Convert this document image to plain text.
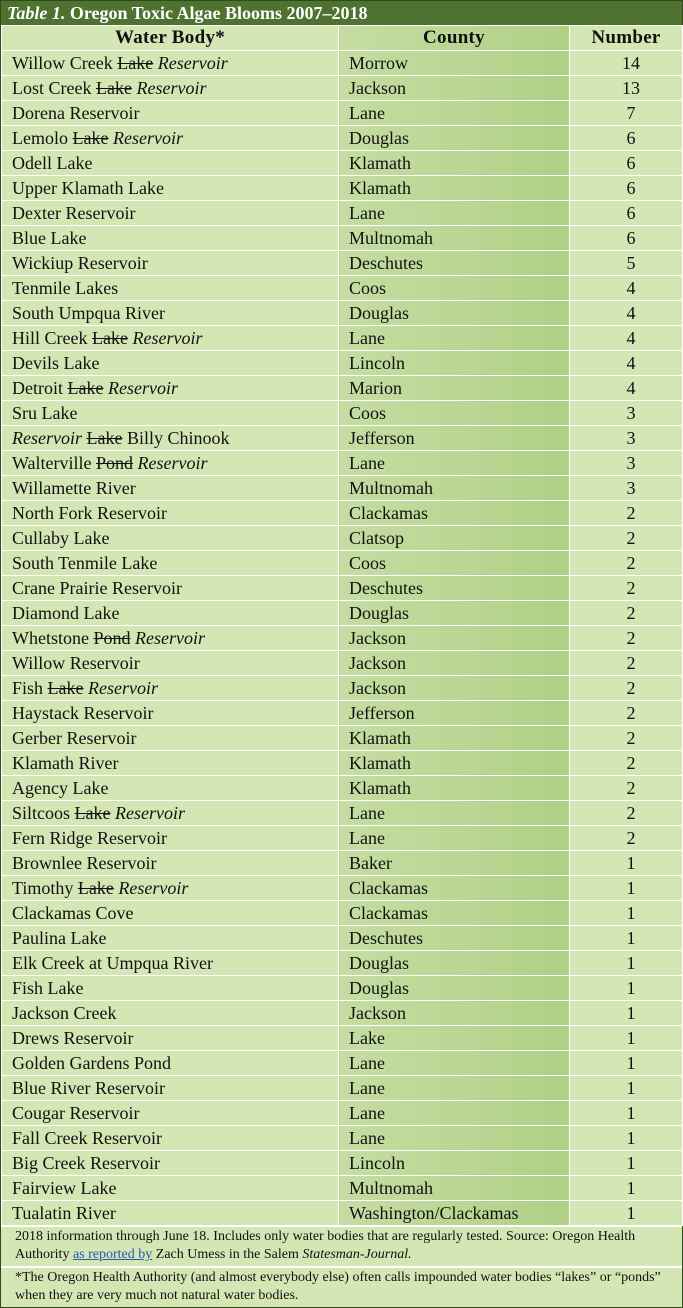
Table 1. Oregon Toxic Algae Blooms 2007–2018
Water Body*	County	Number
Willow Creek Lake Reservoir	Morrow	14
Lost Creek Lake Reservoir	Jackson	13
Dorena Reservoir	Lane	7
Lemolo Lake Reservoir	Douglas	6
Odell Lake	Klamath	6
Upper Klamath Lake	Klamath	6
Dexter Reservoir	Lane	6
Blue Lake	Multnomah	6
Wickiup Reservoir	Deschutes	5
Tenmile Lakes	Coos	4
South Umpqua River	Douglas	4
Hill Creek Lake Reservoir	Lane	4
Devils Lake	Lincoln	4
Detroit Lake Reservoir	Marion	4
Sru Lake	Coos	3
Reservoir Lake Billy Chinook	Jefferson	3
Walterville Pond Reservoir	Lane	3
Willamette River	Multnomah	3
North Fork Reservoir	Clackamas	2
Cullaby Lake	Clatsop	2
South Tenmile Lake	Coos	2
Crane Prairie Reservoir	Deschutes	2
Diamond Lake	Douglas	2
Whetstone Pond Reservoir	Jackson	2
Willow Reservoir	Jackson	2
Fish Lake Reservoir	Jackson	2
Haystack Reservoir	Jefferson	2
Gerber Reservoir	Klamath	2
Klamath River	Klamath	2
Agency Lake	Klamath	2
Siltcoos Lake Reservoir	Lane	2
Fern Ridge Reservoir	Lane	2
Brownlee Reservoir	Baker	1
Timothy Lake Reservoir	Clackamas	1
Clackamas Cove	Clackamas	1
Paulina Lake	Deschutes	1
Elk Creek at Umpqua River	Douglas	1
Fish Lake	Douglas	1
Jackson Creek	Jackson	1
Drews Reservoir	Lake	1
Golden Gardens Pond	Lane	1
Blue River Reservoir	Lane	1
Cougar Reservoir	Lane	1
Fall Creek Reservoir	Lane	1
Big Creek Reservoir	Lincoln	1
Fairview Lake	Multnomah	1
Tualatin River	Washington/Clackamas	1
2018 information through June 18. Includes only water bodies that are regularly tested. Source: Oregon Health Authority as reported by Zach Umess in the Salem Statesman-Journal.
*The Oregon Health Authority (and almost everybody else) often calls impounded water bodies “lakes” or “ponds” when they are very much not natural water bodies.
